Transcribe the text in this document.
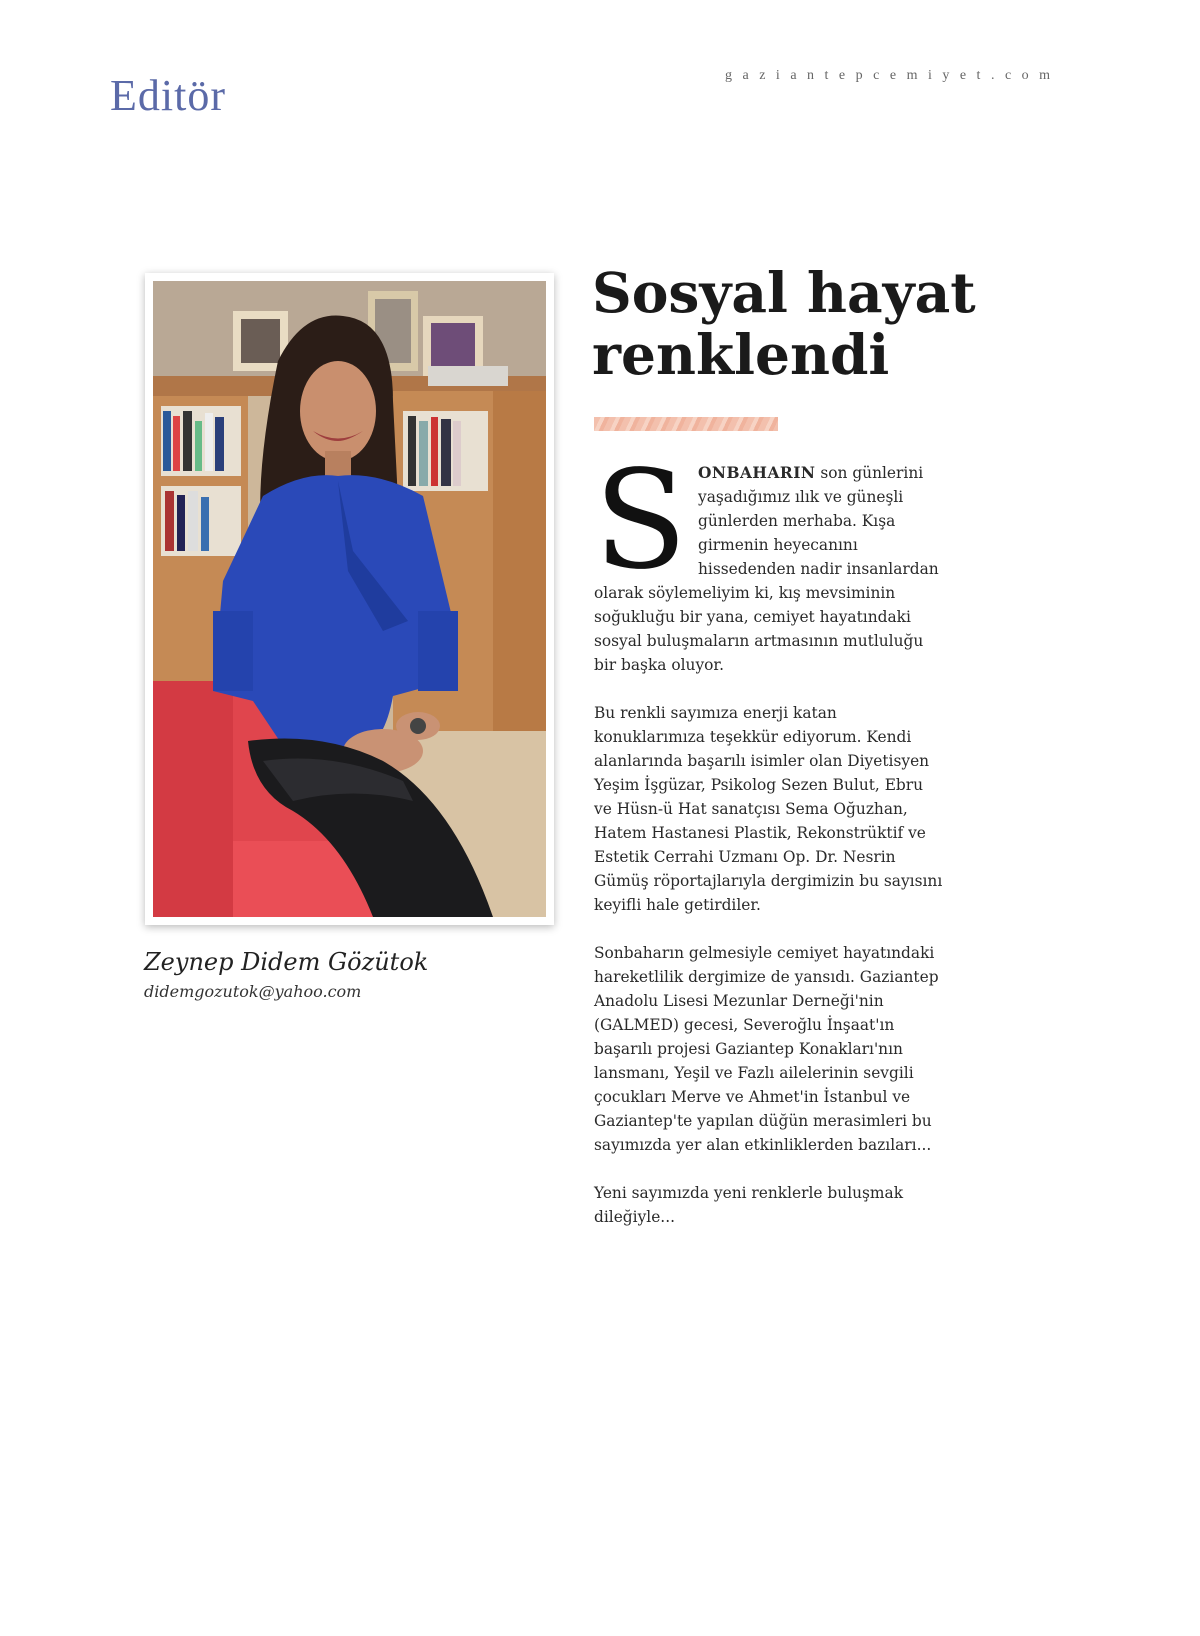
Editör	gaziantepcemiyet.com
Zeynep Didem Gözütok
didemgozutok@yahoo.com
Sosyal hayat
renklendi

SONBAHARIN son günlerini yaşadığımız ılık ve güneşli günlerden merhaba. Kışa girmenin heyecanını hissedenden nadir insanlardan olarak söylemeliyim ki, kış mevsiminin soğukluğu bir yana, cemiyet hayatındaki sosyal buluşmaların artmasının mutluluğu bir başka oluyor.

Bu renkli sayımıza enerji katan konuklarımıza teşekkür ediyorum. Kendi alanlarında başarılı isimler olan Diyetisyen Yeşim İşgüzar, Psikolog Sezen Bulut, Ebru ve Hüsn-ü Hat sanatçısı Sema Oğuzhan, Hatem Hastanesi Plastik, Rekonstrüktif ve Estetik Cerrahi Uzmanı Op. Dr. Nesrin Gümüş röportajlarıyla dergimizin bu sayısını keyifli hale getirdiler.

Sonbaharın gelmesiyle cemiyet hayatındaki hareketlilik dergimize de yansıdı. Gaziantep Anadolu Lisesi Mezunlar Derneği'nin (GALMED) gecesi, Severoğlu İnşaat'ın başarılı projesi Gaziantep Konakları'nın lansmanı, Yeşil ve Fazlı ailelerinin sevgili çocukları Merve ve Ahmet'in İstanbul ve Gaziantep'te yapılan düğün merasimleri bu sayımızda yer alan etkinliklerden bazıları...

Yeni sayımızda yeni renklerle buluşmak dileğiyle...
